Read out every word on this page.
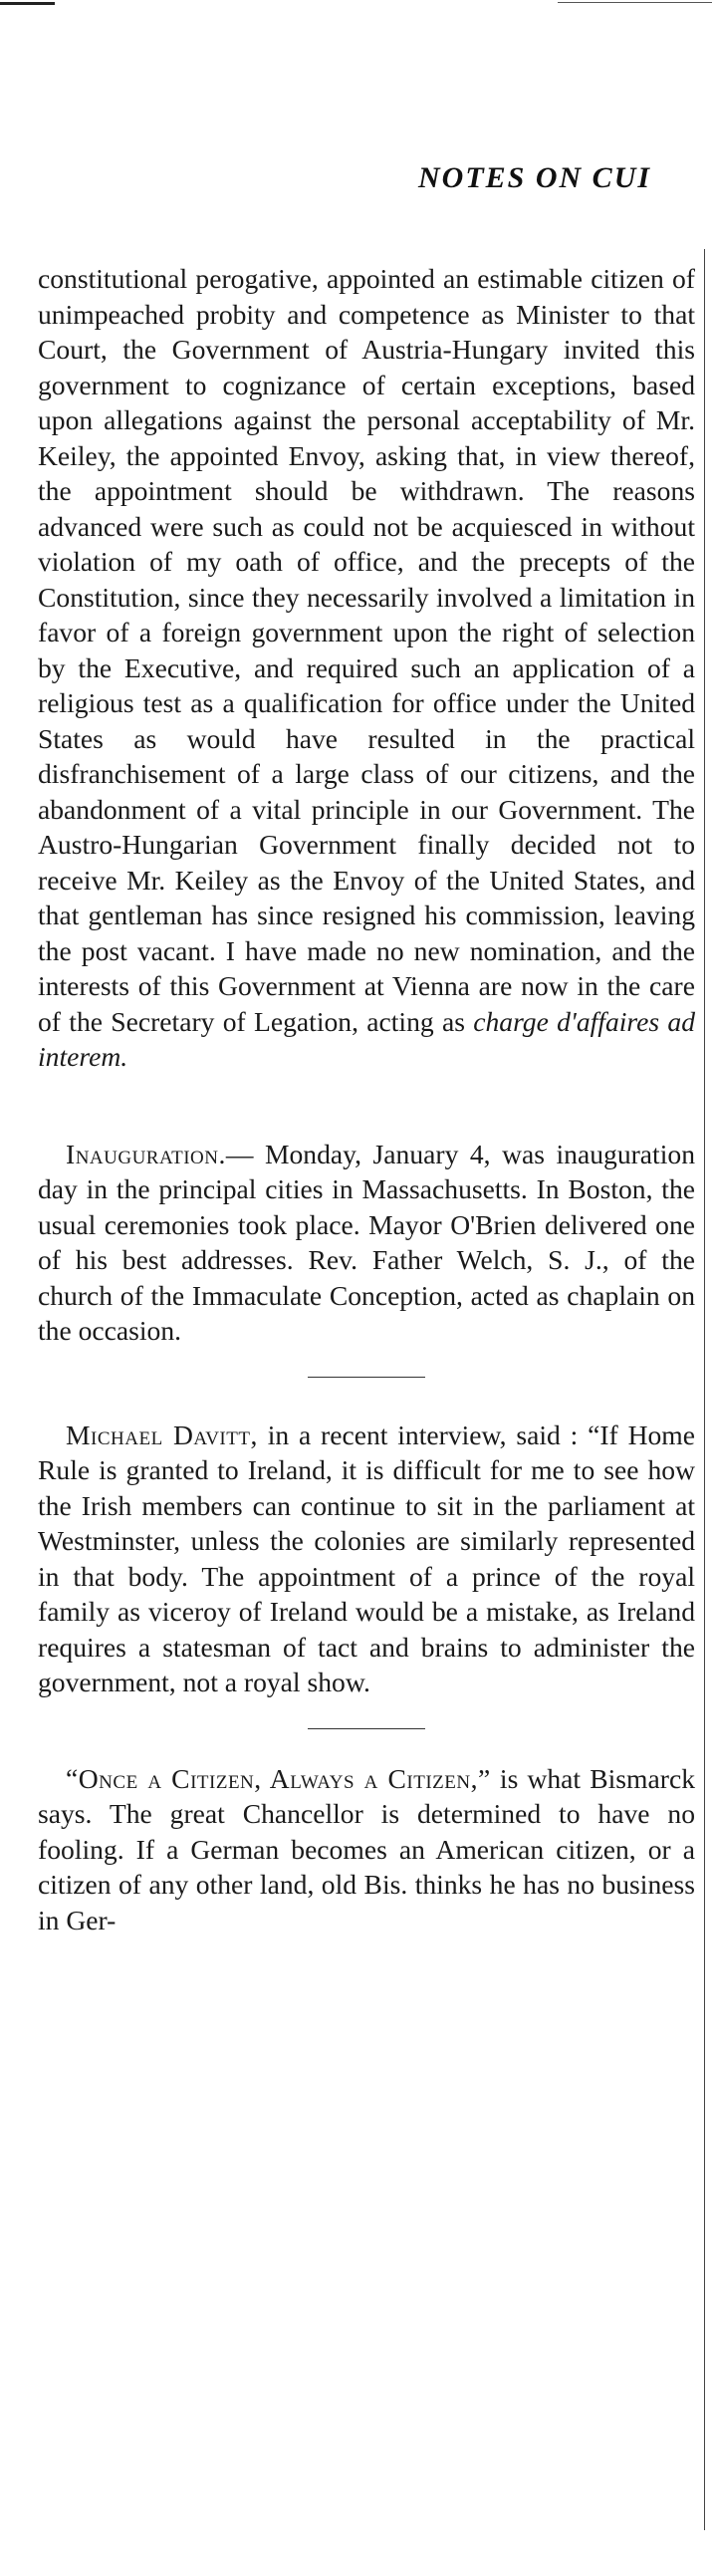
NOTES ON CUI

constitutional perogative, appointed an estimable citizen of unimpeached probity and competence as Minister to that Court, the Government of Austria-Hungary invited this government to cognizance of certain exceptions, based upon allegations against the personal acceptability of Mr. Keiley, the appointed Envoy, asking that, in view thereof, the appointment should be withdrawn. The reasons advanced were such as could not be acquiesced in without violation of my oath of office, and the precepts of the Constitution, since they necessarily involved a limitation in favor of a foreign government upon the right of selection by the Executive, and required such an application of a religious test as a qualification for office under the United States as would have resulted in the practical disfranchisement of a large class of our citizens, and the abandonment of a vital principle in our Government. The Austro-Hungarian Government finally decided not to receive Mr. Keiley as the Envoy of the United States, and that gentleman has since resigned his commission, leaving the post vacant. I have made no new nomination, and the interests of this Government at Vienna are now in the care of the Secretary of Legation, acting as charge d'affaires ad interem.

Inauguration.— Monday, January 4, was inauguration day in the principal cities in Massachusetts. In Boston, the usual ceremonies took place. Mayor O'Brien delivered one of his best addresses. Rev. Father Welch, S. J., of the church of the Immaculate Conception, acted as chaplain on the occasion.

Michael Davitt, in a recent interview, said : “If Home Rule is granted to Ireland, it is difficult for me to see how the Irish members can continue to sit in the parliament at Westminster, unless the colonies are similarly represented in that body. The appointment of a prince of the royal family as viceroy of Ireland would be a mistake, as Ireland requires a statesman of tact and brains to administer the government, not a royal show.

“Once a Citizen, Always a Citizen,” is what Bismarck says. The great Chancellor is determined to have no fooling. If a German becomes an American citizen, or a citizen of any other land, old Bis. thinks he has no business in Ger-
